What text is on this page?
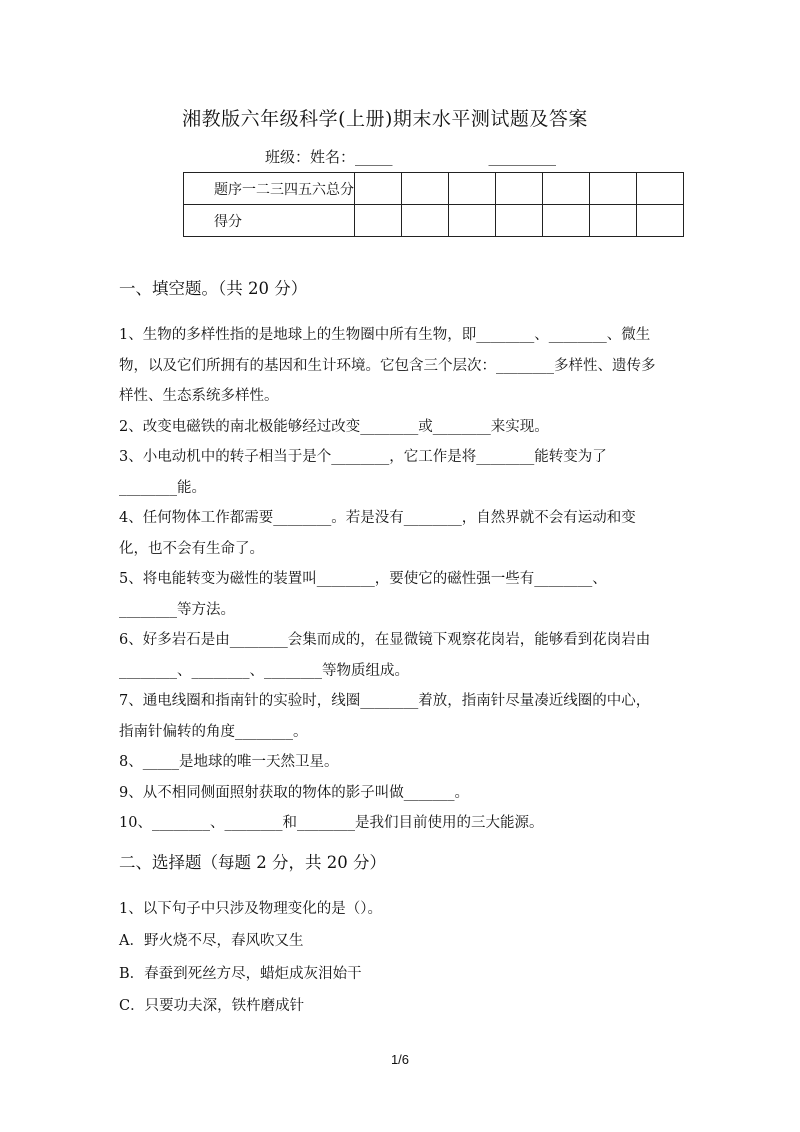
湘教版六年级科学(上册)期末水平测试题及答案
班级：姓名：_____	_________
题序一二三四五六总分							
得分							

一、填空题。（共 20 分）

1、生物的多样性指的是地球上的生物圈中所有生物，即________、________、微生物，以及它们所拥有的基因和生计环境。它包含三个层次：________多样性、遗传多样性、生态系统多样性。

2、改变电磁铁的南北极能够经过改变________或________来实现。

3、小电动机中的转子相当于是个________，它工作是将________能转变为了________能。

4、任何物体工作都需要________。若是没有________，自然界就不会有运动和变化，也不会有生命了。

5、将电能转变为磁性的装置叫________，要使它的磁性强一些有________、________等方法。

6、好多岩石是由________会集而成的，在显微镜下观察花岗岩，能够看到花岗岩由________、________、________等物质组成。

7、通电线圈和指南针的实验时，线圈________着放，指南针尽量凑近线圈的中心，指南针偏转的角度________。

8、_____是地球的唯一天然卫星。

9、从不相同侧面照射获取的物体的影子叫做_______。

10、________、________和________是我们目前使用的三大能源。

二、选择题（每题 2 分，共 20 分）

1、以下句子中只涉及物理变化的是（）。

A．野火烧不尽，春风吹又生

B．春蚕到死丝方尽，蜡炬成灰泪始干

C．只要功夫深，铁杵磨成针

1/6
